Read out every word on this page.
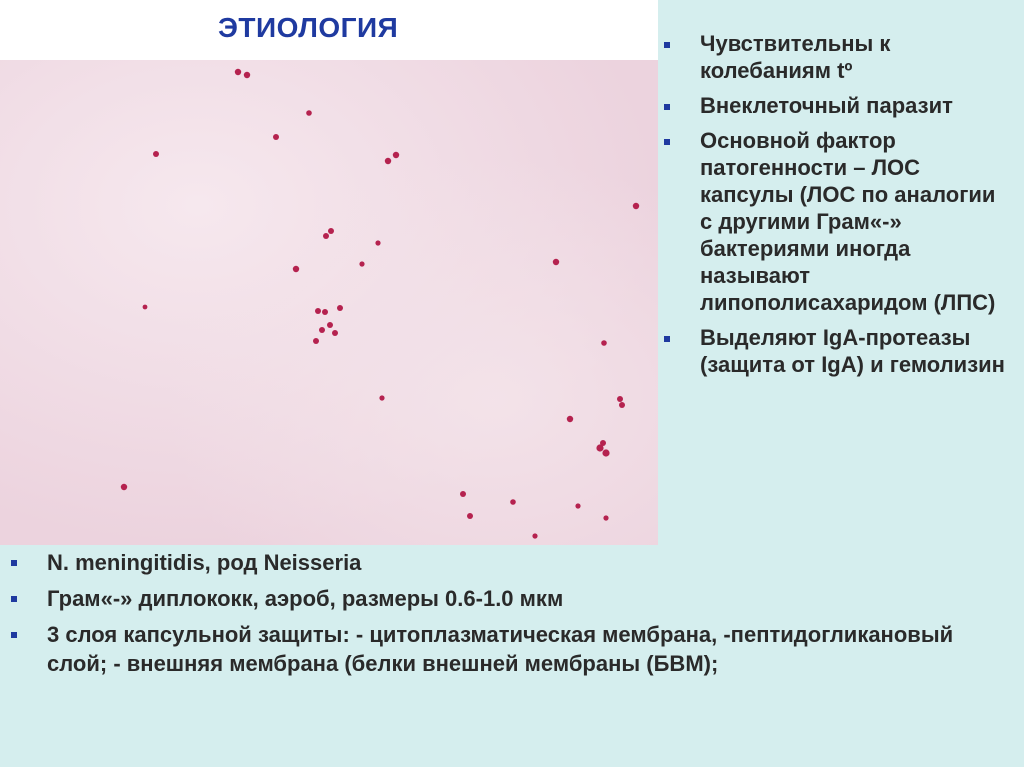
ЭТИОЛОГИЯ
Чувствительны к колебаниям tº
Внеклеточный паразит
Основной фактор патогенности – ЛОС капсулы (ЛОС по аналогии с другими Грам«-» бактериями иногда называют липополисахаридом (ЛПС)
Выделяют IgA-протеазы (защита от IgA) и гемолизин
N. meningitidis, род Neisseria
Грам«-» диплококк, аэроб, размеры 0.6-1.0 мкм
3 слоя капсульной защиты: - цитоплазматическая мембрана, -пептидогликановый слой; - внешняя мембрана (белки внешней мембраны (БВМ);
